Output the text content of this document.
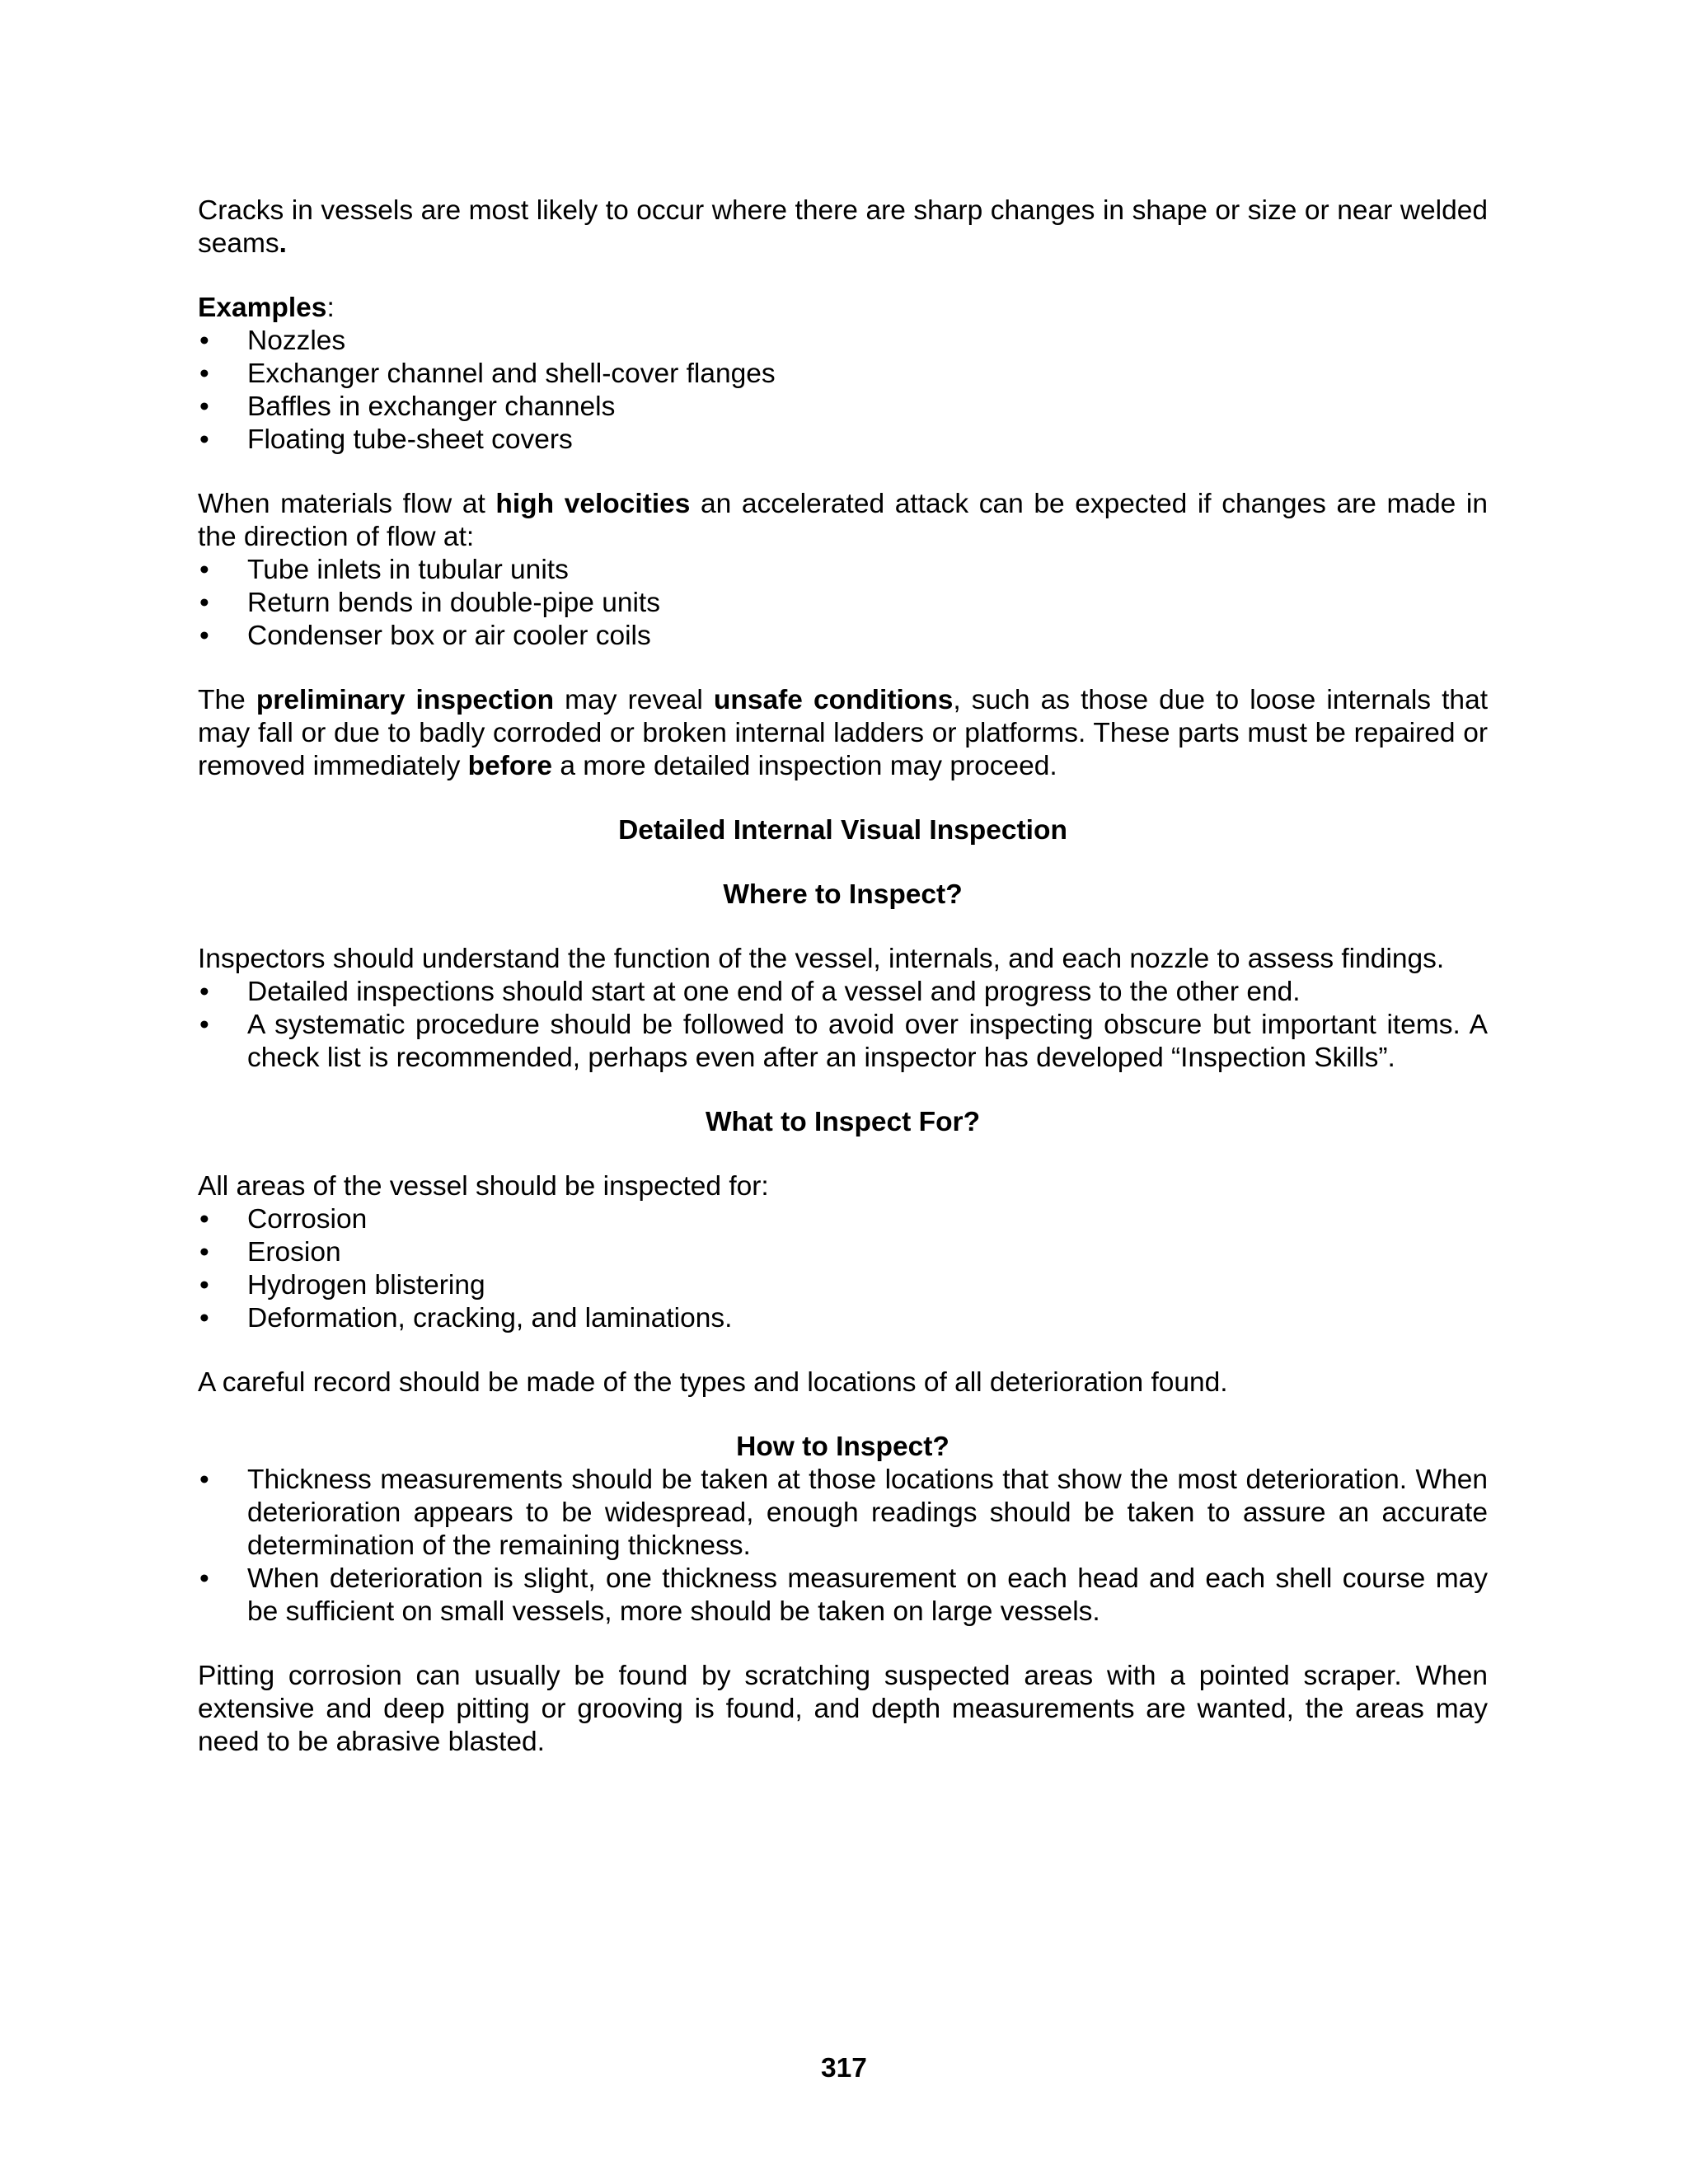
Cracks in vessels are most likely to occur where there are sharp changes in shape or size or near welded seams.

Examples:

• Nozzles
• Exchanger channel and shell-cover flanges
• Baffles in exchanger channels
• Floating tube-sheet covers

When materials flow at high velocities an accelerated attack can be expected if changes are made in the direction of flow at:

• Tube inlets in tubular units
• Return bends in double-pipe units
• Condenser box or air cooler coils

The preliminary inspection may reveal unsafe conditions, such as those due to loose internals that may fall or due to badly corroded or broken internal ladders or platforms. These parts must be repaired or removed immediately before a more detailed inspection may proceed.

Detailed Internal Visual Inspection

Where to Inspect?

Inspectors should understand the function of the vessel, internals, and each nozzle to assess findings.

• Detailed inspections should start at one end of a vessel and progress to the other end.
• A systematic procedure should be followed to avoid over inspecting obscure but important items. A check list is recommended, perhaps even after an inspector has developed “Inspection Skills”.

What to Inspect For?

All areas of the vessel should be inspected for:

• Corrosion
• Erosion
• Hydrogen blistering
• Deformation, cracking, and laminations.

A careful record should be made of the types and locations of all deterioration found.

How to Inspect?

• Thickness measurements should be taken at those locations that show the most deterioration. When deterioration appears to be widespread, enough readings should be taken to assure an accurate determination of the remaining thickness.
• When deterioration is slight, one thickness measurement on each head and each shell course may be sufficient on small vessels, more should be taken on large vessels.

Pitting corrosion can usually be found by scratching suspected areas with a pointed scraper. When extensive and deep pitting or grooving is found, and depth measurements are wanted, the areas may need to be abrasive blasted.

317
